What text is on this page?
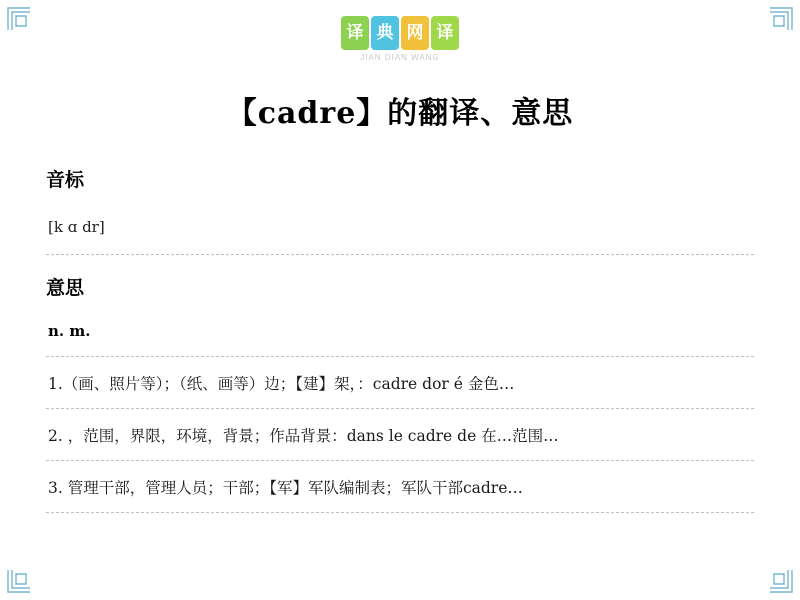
译 典 网 译
JIAN DIAN WANG
【cadre】的翻译、意思
音标
[k ɑ dr]
意思
n. m.
1.（画、照片等）；（纸、画等）边；【建】架，：cadre dor é 金色…
2. ，范围，界限，环境，背景；作品背景：dans le cadre de 在…范围…
3. 管理干部，管理人员；干部；【军】军队编制表；军队干部cadre…
